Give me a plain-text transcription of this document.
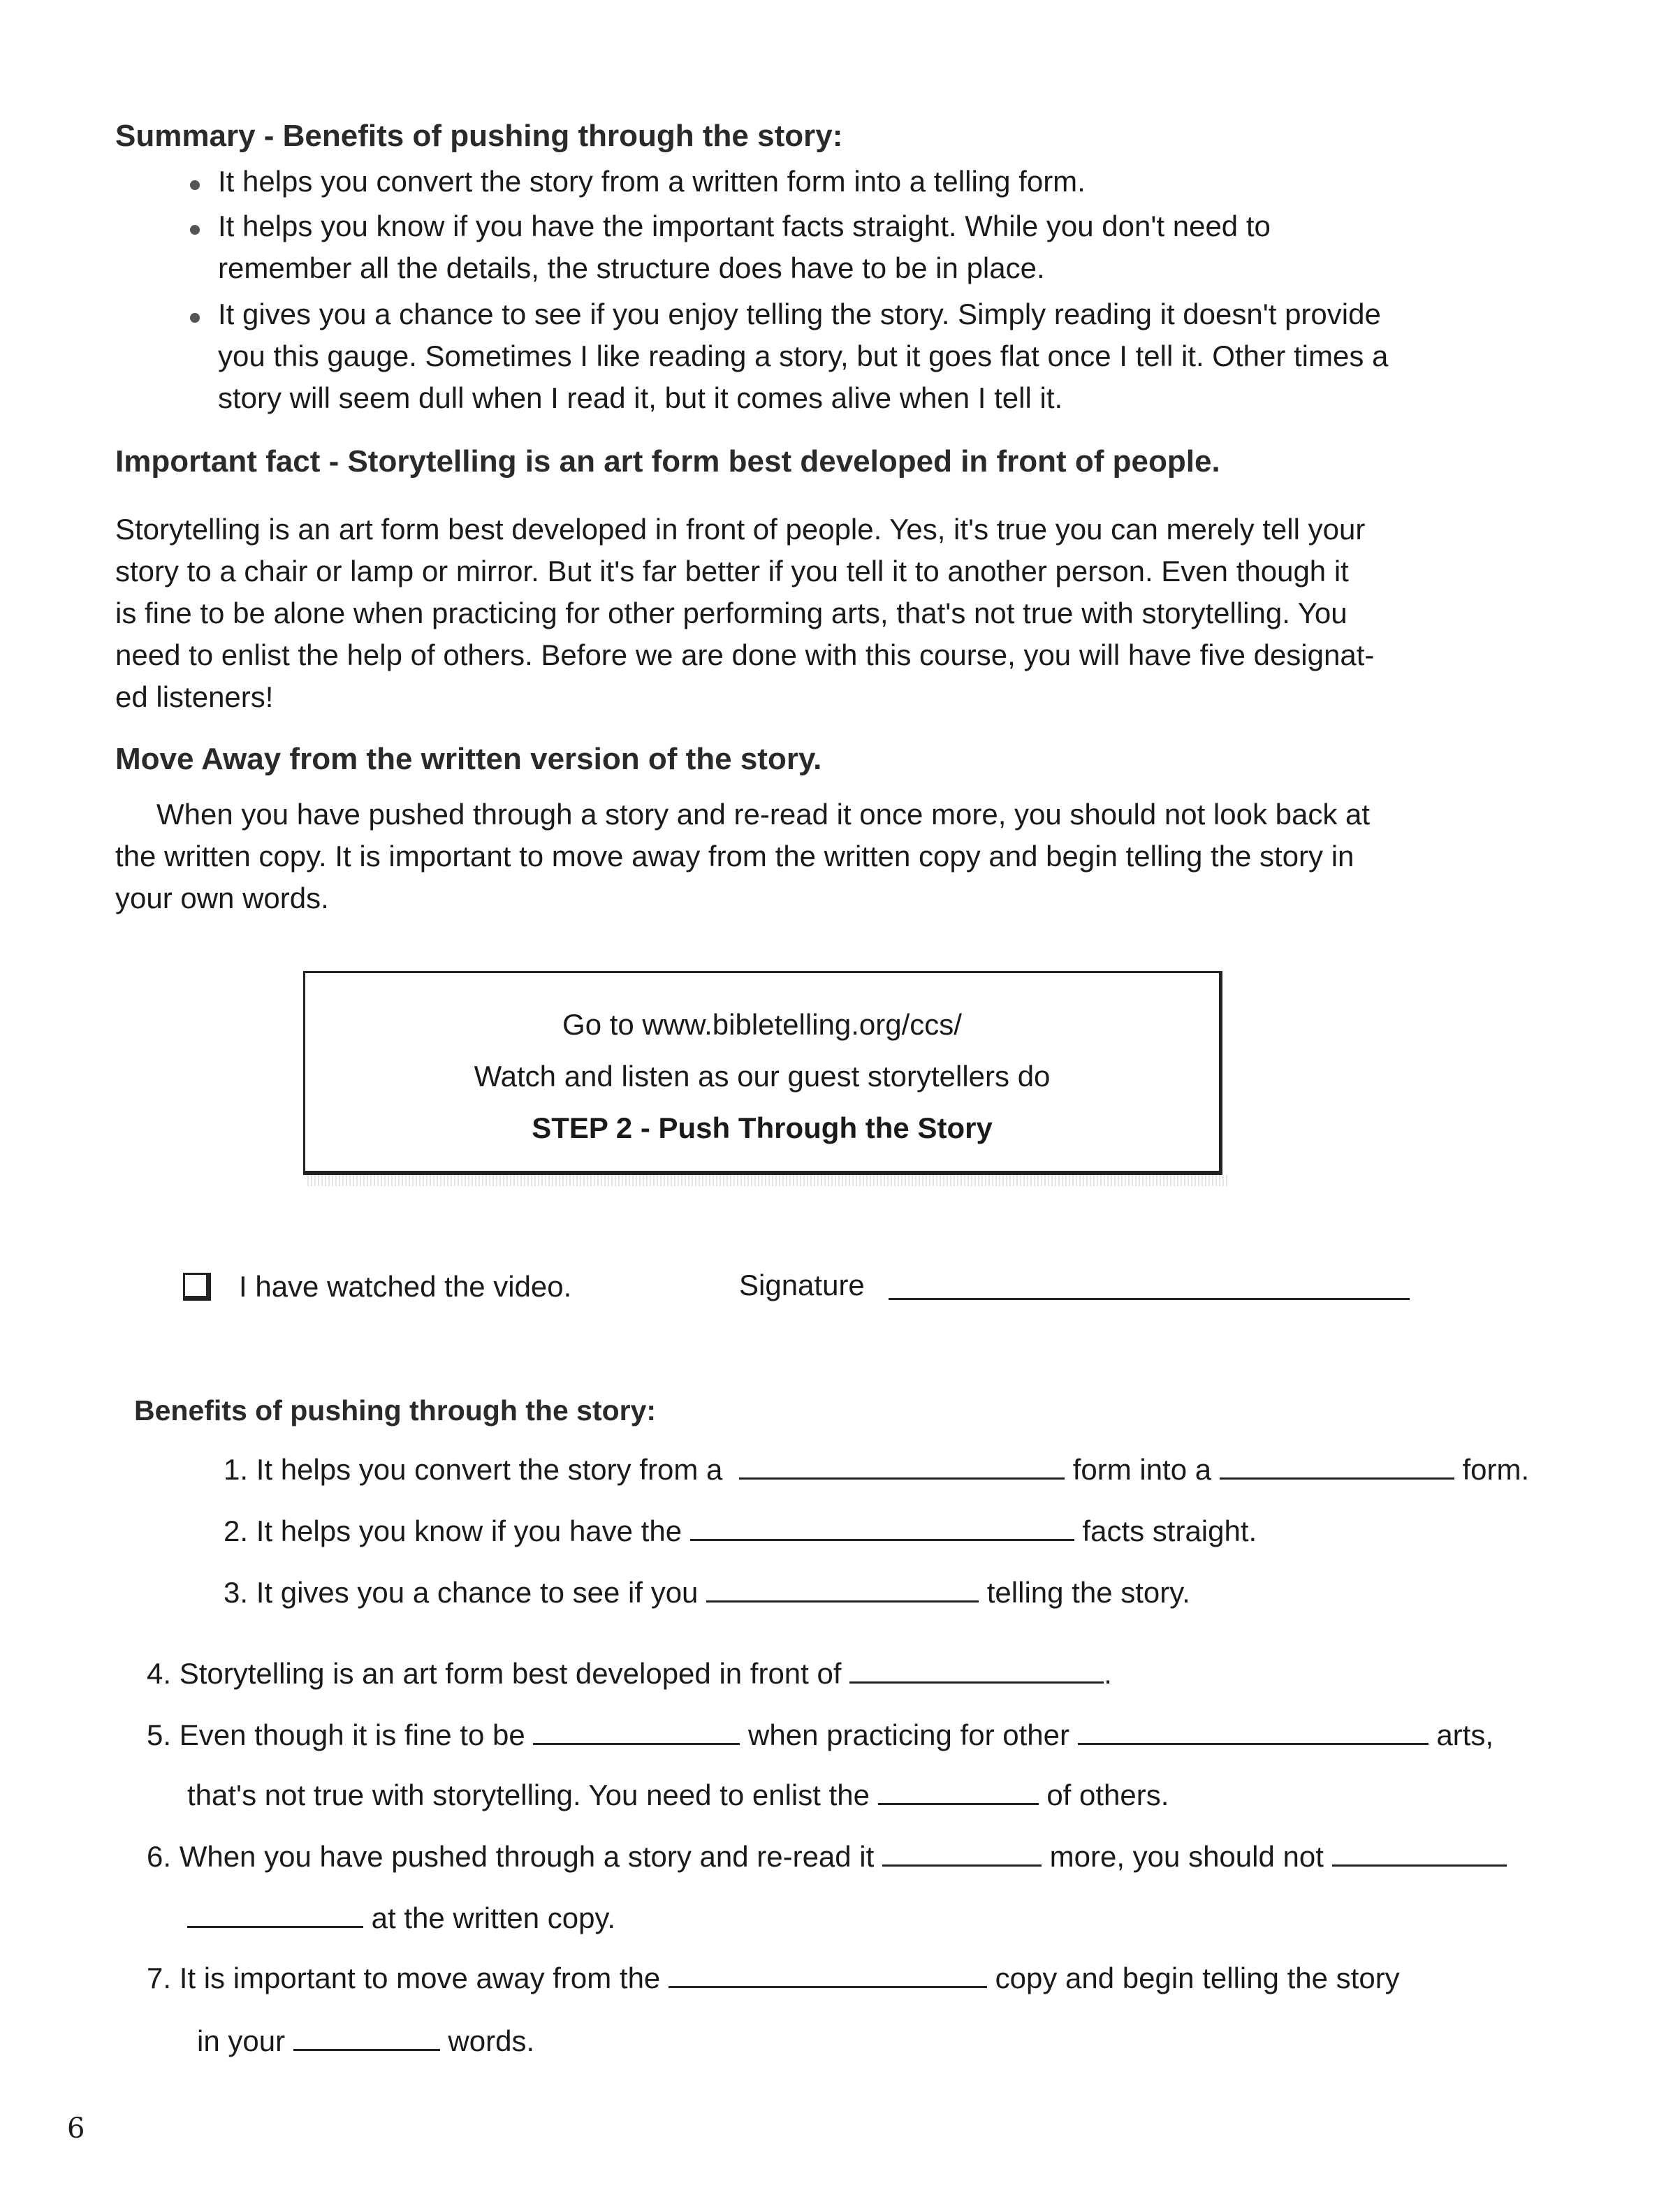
Summary - Benefits of pushing through the story:
It helps you convert the story from a written form into a telling form.
It helps you know if you have the important facts straight. While you don't need to
remember all the details, the structure does have to be in place.
It gives you a chance to see if you enjoy telling the story. Simply reading it doesn't provide
you this gauge. Sometimes I like reading a story, but it goes flat once I tell it. Other times a
story will seem dull when I read it, but it comes alive when I tell it.
Important fact - Storytelling is an art form best developed in front of people.
Storytelling is an art form best developed in front of people. Yes, it's true you can merely tell your
story to a chair or lamp or mirror. But it's far better if you tell it to another person. Even though it
is fine to be alone when practicing for other performing arts, that's not true with storytelling. You
need to enlist the help of others. Before we are done with this course, you will have five designat-
ed listeners!
Move Away from the written version of the story.
When you have pushed through a story and re-read it once more, you should not look back at
the written copy. It is important to move away from the written copy and begin telling the story in
your own words.
Go to www.bibletelling.org/ccs/
Watch and listen as our guest storytellers do
STEP 2 - Push Through the Story
I have watched the video.	Signature
Benefits of pushing through the story:
1. It helps you convert the story from a	form into a	form.
2. It helps you know if you have the	facts straight.
3. It gives you a chance to see if you	telling the story.
4. Storytelling is an art form best developed in front of	.
5. Even though it is fine to be	when practicing for other	arts,
that's not true with storytelling. You need to enlist the	of others.
6. When you have pushed through a story and re-read it	more, you should not
at the written copy.
7. It is important to move away from the	copy and begin telling the story
in your	words.
6
